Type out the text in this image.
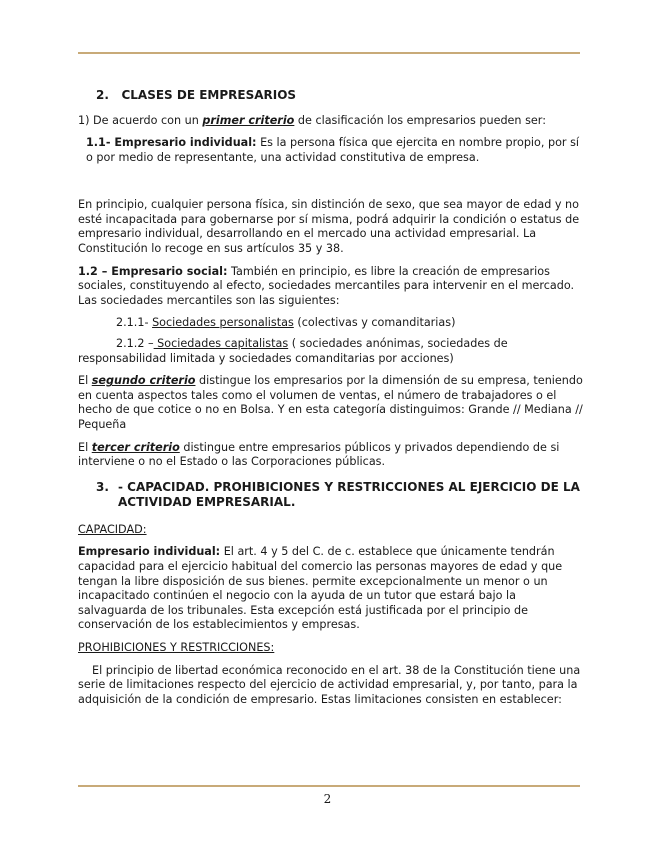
2. CLASES DE EMPRESARIOS

1) De acuerdo con un primer criterio de clasificación los empresarios pueden ser:

1.1- Empresario individual: Es la persona física que ejercita en nombre propio, por sí o por medio de representante, una actividad constitutiva de empresa.

En principio, cualquier persona física, sin distinción de sexo, que sea mayor de edad y no esté incapacitada para gobernarse por sí misma, podrá adquirir la condición o estatus de empresario individual, desarrollando en el mercado una actividad empresarial. La Constitución lo recoge en sus artículos 35 y 38.

1.2 – Empresario social: También en principio, es libre la creación de empresarios sociales, constituyendo al efecto, sociedades mercantiles para intervenir en el mercado. Las sociedades mercantiles son las siguientes:

2.1.1- Sociedades personalistas (colectivas y comanditarias)

2.1.2 – Sociedades capitalistas ( sociedades anónimas, sociedades de responsabilidad limitada y sociedades comanditarias por acciones)

El segundo criterio distingue los empresarios por la dimensión de su empresa, teniendo en cuenta aspectos tales como el volumen de ventas, el número de trabajadores o el hecho de que cotice o no en Bolsa. Y en esta categoría distinguimos: Grande // Mediana // Pequeña

El tercer criterio distingue entre empresarios públicos y privados dependiendo de si interviene o no el Estado o las Corporaciones públicas.

3. - CAPACIDAD. PROHIBICIONES Y RESTRICCIONES AL EJERCICIO DE LA ACTIVIDAD EMPRESARIAL.

CAPACIDAD:

Empresario individual: El art. 4 y 5 del C. de c. establece que únicamente tendrán capacidad para el ejercicio habitual del comercio las personas mayores de edad y que tengan la libre disposición de sus bienes. permite excepcionalmente un menor o un incapacitado continúen el negocio con la ayuda de un tutor que estará bajo la salvaguarda de los tribunales. Esta excepción está justificada por el principio de conservación de los establecimientos y empresas.

PROHIBICIONES Y RESTRICCIONES:

El principio de libertad económica reconocido en el art. 38 de la Constitución tiene una serie de limitaciones respecto del ejercicio de actividad empresarial, y, por tanto, para la adquisición de la condición de empresario. Estas limitaciones consisten en establecer:

2
